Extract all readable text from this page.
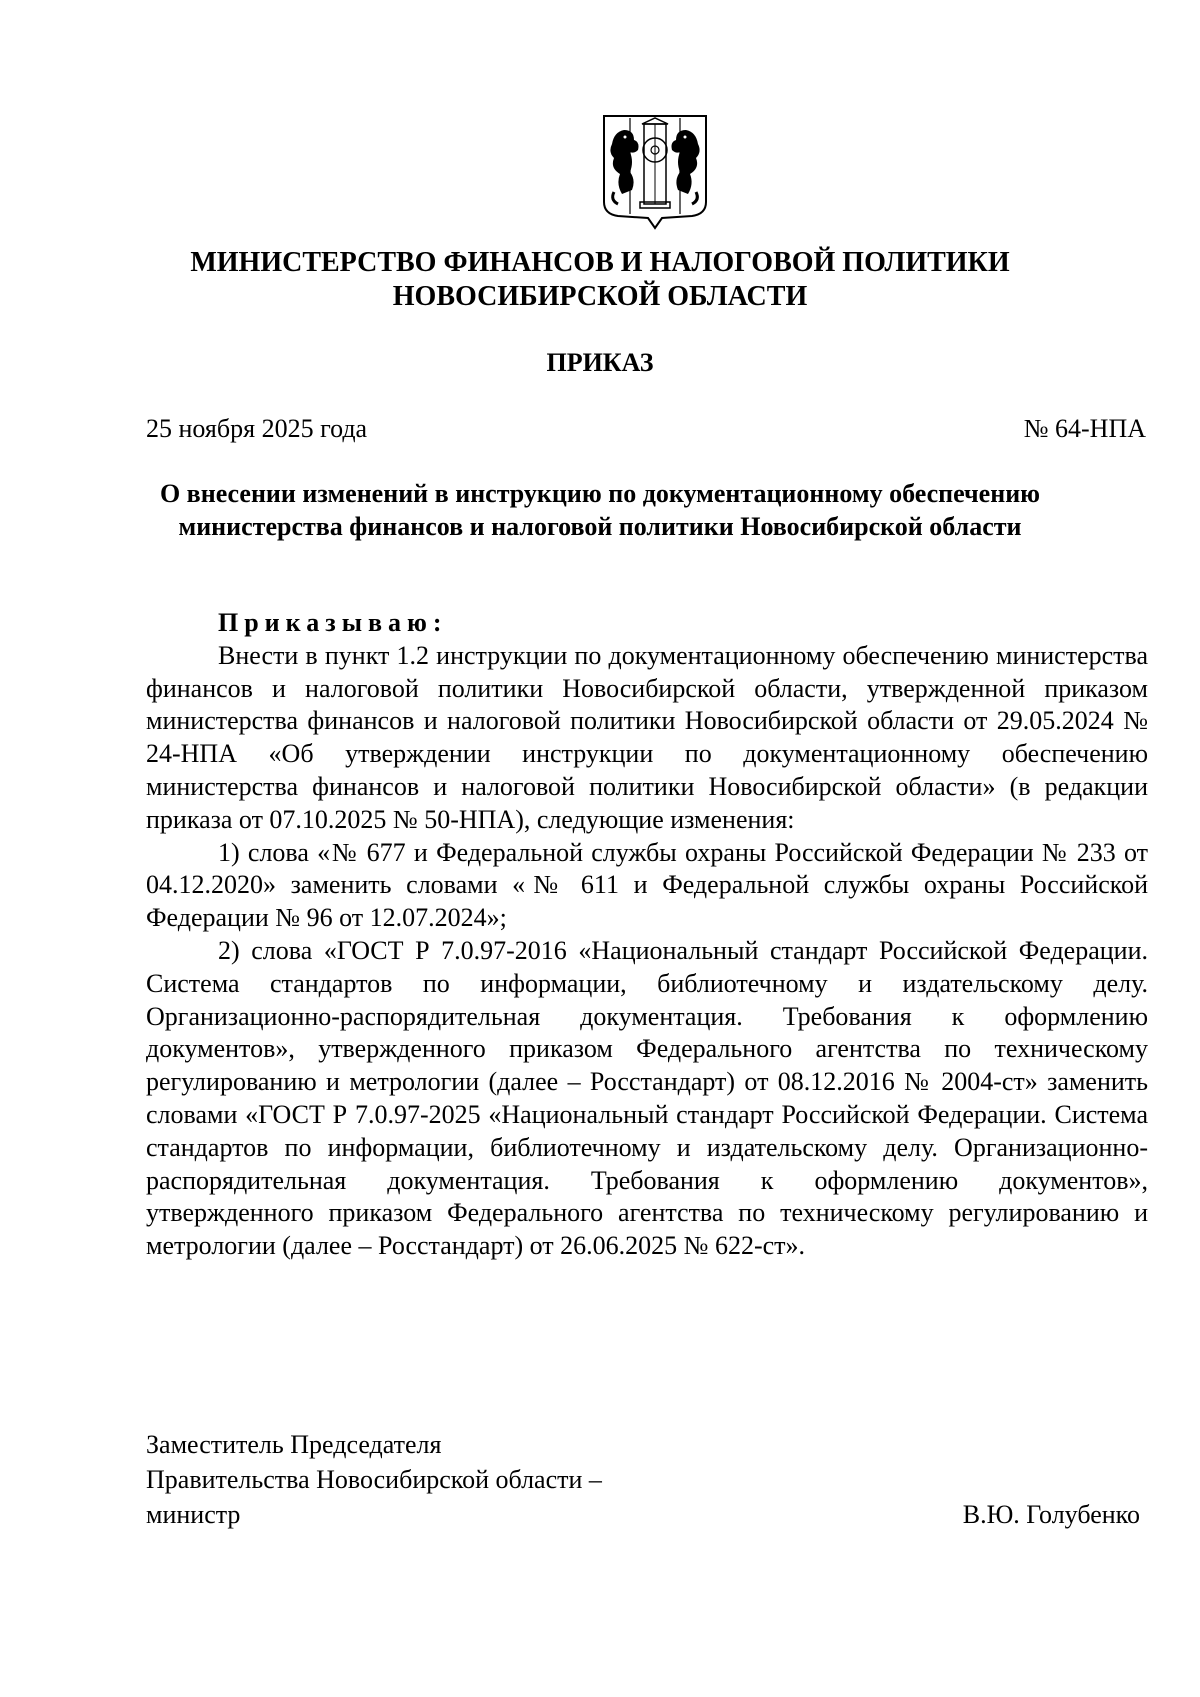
МИНИСТЕРСТВО ФИНАНСОВ И НАЛОГОВОЙ ПОЛИТИКИ
НОВОСИБИРСКОЙ ОБЛАСТИ
ПРИКАЗ
25 ноября 2025 года	№ 64-НПА
О внесении изменений в инструкцию по документационному обеспечению
министерства финансов и налоговой политики Новосибирской области

Приказываю:

Внести в пункт 1.2 инструкции по документационному обеспечению министерства финансов и налоговой политики Новосибирской области, утвержденной приказом министерства финансов и налоговой политики Новосибирской области от 29.05.2024 № 24-НПА «Об утверждении инструкции по документационному обеспечению министерства финансов и налоговой политики Новосибирской области» (в редакции приказа от 07.10.2025 № 50-НПА), следующие изменения:

1) слова «№ 677 и Федеральной службы охраны Российской Федерации № 233 от 04.12.2020» заменить словами «№ 611 и Федеральной службы охраны Российской Федерации № 96 от 12.07.2024»;

2) слова «ГОСТ Р 7.0.97-2016 «Национальный стандарт Российской Федерации. Система стандартов по информации, библиотечному и издательскому делу. Организационно-распорядительная документация. Требования к оформлению документов», утвержденного приказом Федерального агентства по техническому регулированию и метрологии (далее – Росстандарт) от 08.12.2016 № 2004-ст» заменить словами «ГОСТ Р 7.0.97-2025 «Национальный стандарт Российской Федерации. Система стандартов по информации, библиотечному и издательскому делу. Организационно-распорядительная документация. Требования к оформлению документов», утвержденного приказом Федерального агентства по техническому регулированию и метрологии (далее – Росстандарт) от 26.06.2025 № 622-ст».

Заместитель Председателя
Правительства Новосибирской области –
министр	В.Ю. Голубенко
